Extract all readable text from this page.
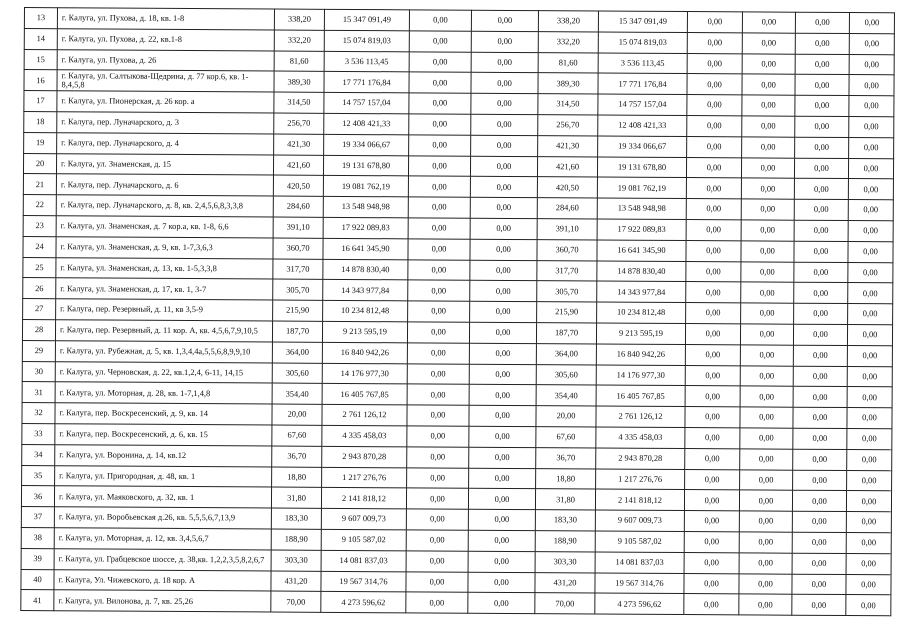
13	г. Калуга, ул. Пухова, д. 18, кв. 1-8	338,20	15 347 091,49	0,00	0,00	338,20	15 347 091,49	0,00	0,00	0,00	0,00
14	г. Калуга, ул. Пухова, д. 22, кв.1-8	332,20	15 074 819,03	0,00	0,00	332,20	15 074 819,03	0,00	0,00	0,00	0,00
15	г. Калуга, ул. Пухова, д. 26	81,60	3 536 113,45	0,00	0,00	81,60	3 536 113,45	0,00	0,00	0,00	0,00
16	г. Калуга, ул. Салтыкова-Щедрина, д. 77 кор.6, кв. 1-8,4,5,8	389,30	17 771 176,84	0,00	0,00	389,30	17 771 176,84	0,00	0,00	0,00	0,00
17	г. Калуга, ул. Пионерская, д. 26 кор. а	314,50	14 757 157,04	0,00	0,00	314,50	14 757 157,04	0,00	0,00	0,00	0,00
18	г. Калуга, пер. Луначарского, д. 3	256,70	12 408 421,33	0,00	0,00	256,70	12 408 421,33	0,00	0,00	0,00	0,00
19	г. Калуга, пер. Луначарского, д. 4	421,30	19 334 066,67	0,00	0,00	421,30	19 334 066,67	0,00	0,00	0,00	0,00
20	г. Калуга, ул. Знаменская, д. 15	421,60	19 131 678,80	0,00	0,00	421,60	19 131 678,80	0,00	0,00	0,00	0,00
21	г. Калуга, пер. Луначарского, д. 6	420,50	19 081 762,19	0,00	0,00	420,50	19 081 762,19	0,00	0,00	0,00	0,00
22	г. Калуга, пер. Луначарского, д. 8, кв. 2,4,5,6,8,3,3,8	284,60	13 548 948,98	0,00	0,00	284,60	13 548 948,98	0,00	0,00	0,00	0,00
23	г. Калуга, ул. Знаменская, д. 7 кор.а, кв. 1-8, 6,6	391,10	17 922 089,83	0,00	0,00	391,10	17 922 089,83	0,00	0,00	0,00	0,00
24	г. Калуга, ул. Знаменская, д. 9, кв. 1-7,3,6,3	360,70	16 641 345,90	0,00	0,00	360,70	16 641 345,90	0,00	0,00	0,00	0,00
25	г. Калуга, ул. Знаменская, д. 13, кв. 1-5,3,3,8	317,70	14 878 830,40	0,00	0,00	317,70	14 878 830,40	0,00	0,00	0,00	0,00
26	г. Калуга, ул. Знаменская, д. 17, кв. 1, 3-7	305,70	14 343 977,84	0,00	0,00	305,70	14 343 977,84	0,00	0,00	0,00	0,00
27	г. Калуга, пер. Резервный, д. 11, кв 3,5-9	215,90	10 234 812,48	0,00	0,00	215,90	10 234 812,48	0,00	0,00	0,00	0,00
28	г. Калуга, пер. Резервный, д. 11 кор. А, кв. 4,5,6,7,9,10,5	187,70	9 213 595,19	0,00	0,00	187,70	9 213 595,19	0,00	0,00	0,00	0,00
29	г. Калуга, ул. Рубежная, д. 5, кв. 1,3,4,4а,5,5,6,8,9,9,10	364,00	16 840 942,26	0,00	0,00	364,00	16 840 942,26	0,00	0,00	0,00	0,00
30	г. Калуга, ул. Черновская, д. 22, кв.1,2,4, 6-11, 14,15	305,60	14 176 977,30	0,00	0,00	305,60	14 176 977,30	0,00	0,00	0,00	0,00
31	г. Калуга, ул. Моторная, д. 28, кв. 1-7,1,4,8	354,40	16 405 767,85	0,00	0,00	354,40	16 405 767,85	0,00	0,00	0,00	0,00
32	г. Калуга, пер. Воскресенский, д. 9, кв. 14	20,00	2 761 126,12	0,00	0,00	20,00	2 761 126,12	0,00	0,00	0,00	0,00
33	г. Калуга, пер. Воскресенский, д. 6, кв. 15	67,60	4 335 458,03	0,00	0,00	67,60	4 335 458,03	0,00	0,00	0,00	0,00
34	г. Калуга, ул. Воронина, д. 14, кв.12	36,70	2 943 870,28	0,00	0,00	36,70	2 943 870,28	0,00	0,00	0,00	0,00
35	г. Калуга, ул. Пригородная, д. 48, кв. 1	18,80	1 217 276,76	0,00	0,00	18,80	1 217 276,76	0,00	0,00	0,00	0,00
36	г. Калуга, ул. Маяковского, д. 32, кв. 1	31,80	2 141 818,12	0,00	0,00	31,80	2 141 818,12	0,00	0,00	0,00	0,00
37	г. Калуга, ул. Воробьевская д.26, кв. 5,5,5,6,7,13,9	183,30	9 607 009,73	0,00	0,00	183,30	9 607 009,73	0,00	0,00	0,00	0,00
38	г. Калуга, ул. Моторная, д. 12, кв. 3,4,5,6,7	188,90	9 105 587,02	0,00	0,00	188,90	9 105 587,02	0,00	0,00	0,00	0,00
39	г. Калуга, ул. Грабцевское шоссе, д. 38,кв. 1,2,2,3,5,8,2,6,7	303,30	14 081 837,03	0,00	0,00	303,30	14 081 837,03	0,00	0,00	0,00	0,00
40	г. Калуга, Ул. Чижевского, д. 18 кор. А	431,20	19 567 314,76	0,00	0,00	431,20	19 567 314,76	0,00	0,00	0,00	0,00
41	г. Калуга, ул. Вилонова, д. 7, кв. 25,26	70,00	4 273 596,62	0,00	0,00	70,00	4 273 596,62	0,00	0,00	0,00	0,00
